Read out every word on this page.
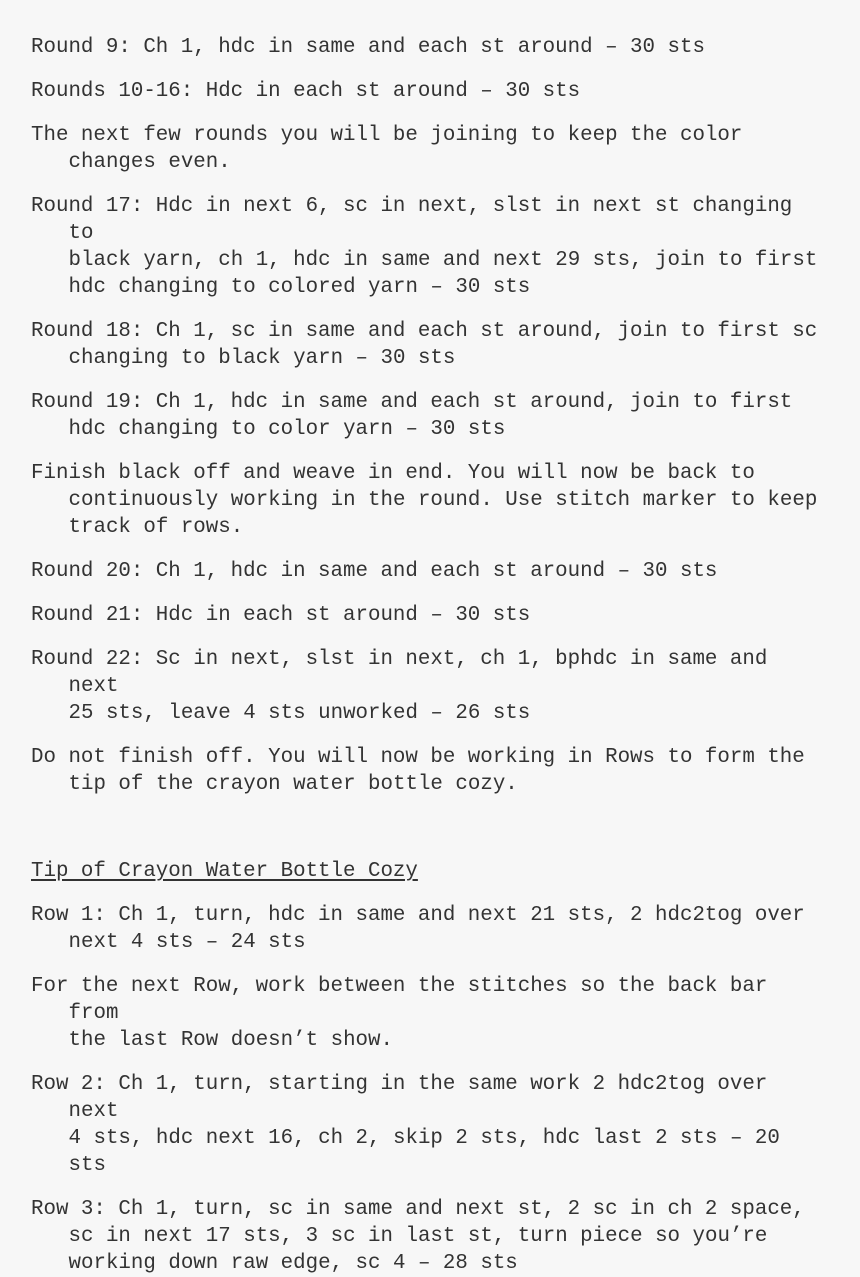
Round 9: Ch 1, hdc in same and each st around – 30 sts

Rounds 10-16: Hdc in each st around – 30 sts

The next few rounds you will be joining to keep the color
changes even.

Round 17: Hdc in next 6, sc in next, slst in next st changing to
black yarn, ch 1, hdc in same and next 29 sts, join to first
hdc changing to colored yarn – 30 sts

Round 18: Ch 1, sc in same and each st around, join to first sc
changing to black yarn – 30 sts

Round 19: Ch 1, hdc in same and each st around, join to first
hdc changing to color yarn – 30 sts

Finish black off and weave in end. You will now be back to
continuously working in the round. Use stitch marker to keep
track of rows.

Round 20: Ch 1, hdc in same and each st around – 30 sts

Round 21: Hdc in each st around – 30 sts

Round 22: Sc in next, slst in next, ch 1, bphdc in same and next
25 sts, leave 4 sts unworked – 26 sts

Do not finish off. You will now be working in Rows to form the
tip of the crayon water bottle cozy.

Tip of Crayon Water Bottle Cozy

Row 1: Ch 1, turn, hdc in same and next 21 sts, 2 hdc2tog over
next 4 sts – 24 sts

For the next Row, work between the stitches so the back bar from
the last Row doesn’t show.

Row 2: Ch 1, turn, starting in the same work 2 hdc2tog over next
4 sts, hdc next 16, ch 2, skip 2 sts, hdc last 2 sts – 20 sts

Row 3: Ch 1, turn, sc in same and next st, 2 sc in ch 2 space,
sc in next 17 sts, 3 sc in last st, turn piece so you’re
working down raw edge, sc 4 – 28 sts
